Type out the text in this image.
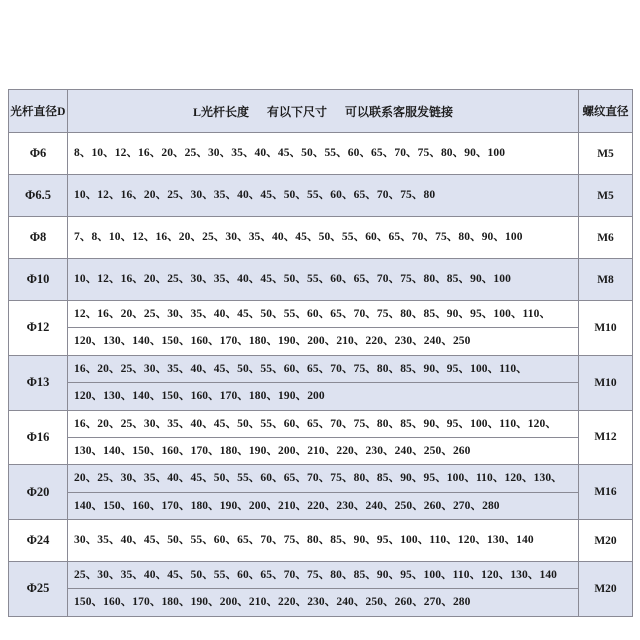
光杆直径D	L光杆长度 有以下尺寸 可以联系客服发链接	螺纹直径
Φ6	8、10、12、16、20、25、30、35、40、45、50、55、60、65、70、75、80、90、100	M5
Φ6.5	10、12、16、20、25、30、35、40、45、50、55、60、65、70、75、80	M5
Φ8	7、8、10、12、16、20、25、30、35、40、45、50、55、60、65、70、75、80、90、100	M6
Φ10	10、12、16、20、25、30、35、40、45、50、55、60、65、70、75、80、85、90、100	M8
Φ12	12、16、20、25、30、35、40、45、50、55、60、65、70、75、80、85、90、95、100、110、
120、130、140、150、160、170、180、190、200、210、220、230、240、250	M10
Φ13	16、20、25、30、35、40、45、50、55、60、65、70、75、80、85、90、95、100、110、
120、130、140、150、160、170、180、190、200	M10
Φ16	16、20、25、30、35、40、45、50、55、60、65、70、75、80、85、90、95、100、110、120、
130、140、150、160、170、180、190、200、210、220、230、240、250、260	M12
Φ20	20、25、30、35、40、45、50、55、60、65、70、75、80、85、90、95、100、110、120、130、
140、150、160、170、180、190、200、210、220、230、240、250、260、270、280	M16
Φ24	30、35、40、45、50、55、60、65、70、75、80、85、90、95、100、110、120、130、140	M20
Φ25	25、30、35、40、45、50、55、60、65、70、75、80、85、90、95、100、110、120、130、140
150、160、170、180、190、200、210、220、230、240、250、260、270、280	M20
